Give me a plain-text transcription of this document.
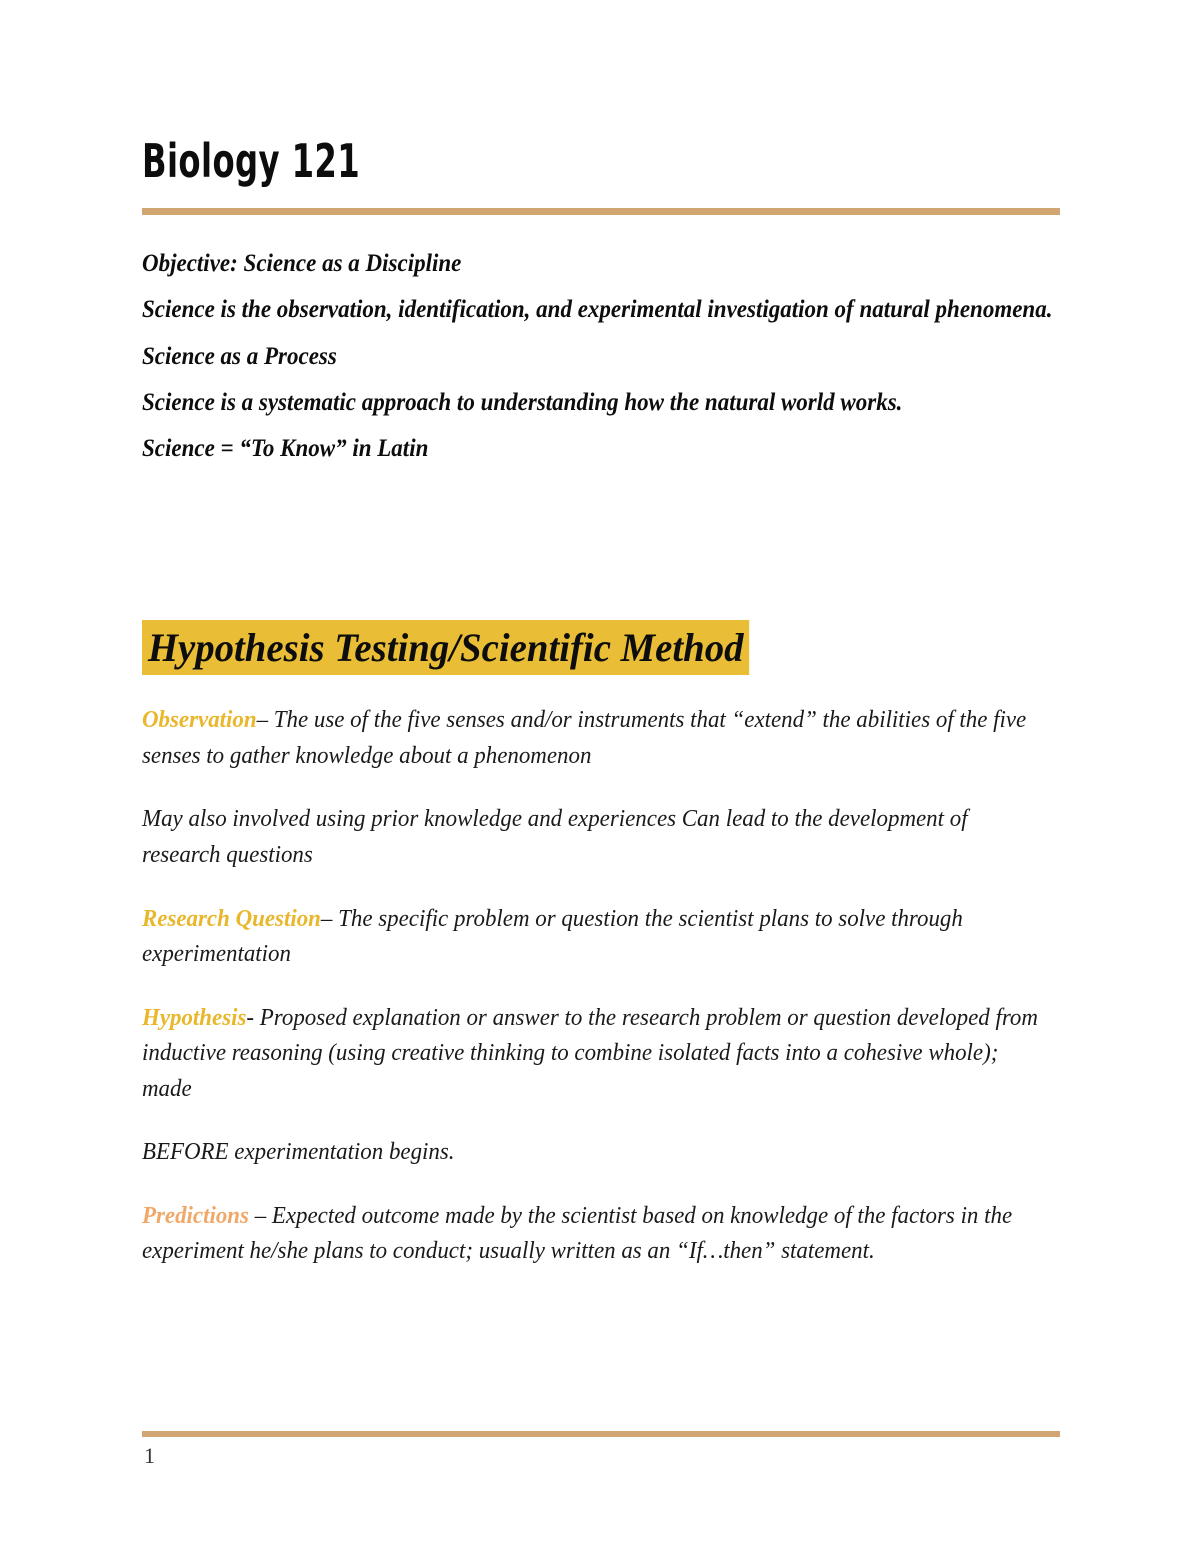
Biology 121
Objective: Science as a Discipline
Science is the observation, identification, and experimental investigation of natural phenomena. Science as a Process
Science is a systematic approach to understanding how the natural world works.
Science = “To Know” in Latin
Hypothesis Testing/Scientific Method
Observation– The use of the five senses and/or instruments that “extend” the abilities of the five senses to gather knowledge about a phenomenon
May also involved using prior knowledge and experiences Can lead to the development of research questions
Research Question– The specific problem or question the scientist plans to solve through experimentation
Hypothesis- Proposed explanation or answer to the research problem or question developed from inductive reasoning (using creative thinking to combine isolated facts into a cohesive whole); made
BEFORE experimentation begins.
Predictions – Expected outcome made by the scientist based on knowledge of the factors in the experiment he/she plans to conduct; usually written as an “If…then” statement.
1
